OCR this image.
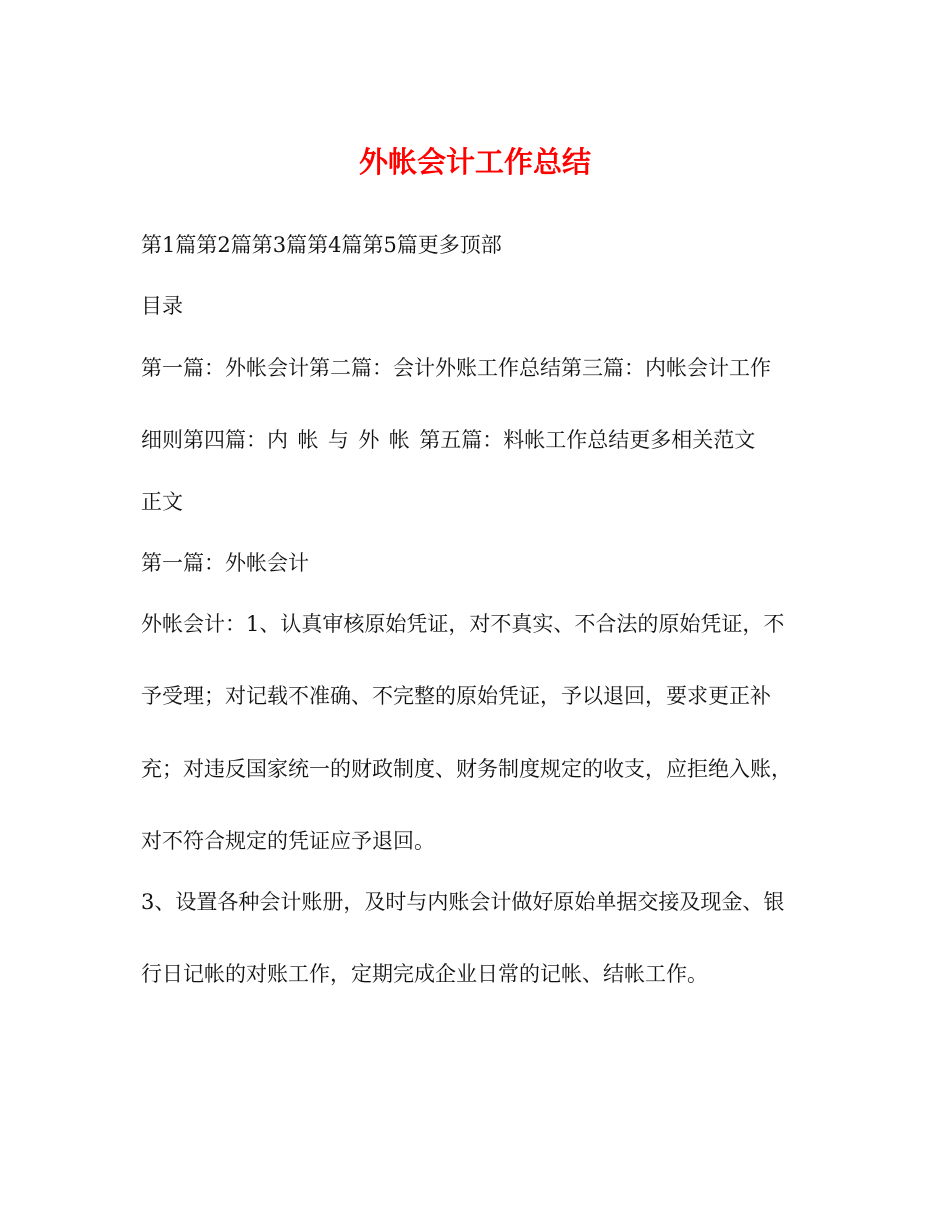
外帐会计工作总结
第1篇第2篇第3篇第4篇第5篇更多顶部
目录
第一篇：外帐会计第二篇：会计外账工作总结第三篇：内帐会计工作
细则第四篇：内帐与外帐第五篇：料帐工作总结更多相关范文
正文
第一篇：外帐会计
外帐会计：1、认真审核原始凭证，对不真实、不合法的原始凭证，不
予受理；对记载不准确、不完整的原始凭证，予以退回，要求更正补
充；对违反国家统一的财政制度、财务制度规定的收支，应拒绝入账，
对不符合规定的凭证应予退回。
3、设置各种会计账册，及时与内账会计做好原始单据交接及现金、银
行日记帐的对账工作，定期完成企业日常的记帐、结帐工作。
